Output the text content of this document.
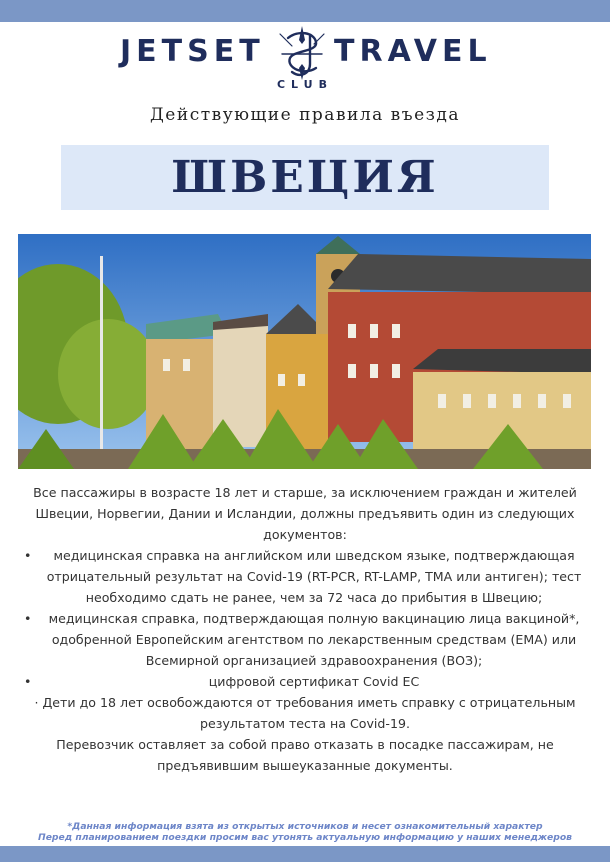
JETSET TRAVEL
CLUB
Действующие правила въезда
ШВЕЦИЯ

Все пассажиры в возрасте 18 лет и старше, за исключением граждан и жителей Швеции, Норвегии, Дании и Исландии, должны предъявить один из следующих документов:

• медицинская справка на английском или шведском языке, подтверждающая отрицательный результат на Covid-19 (RT-PCR, RT-LAMP, TMA или антиген); тест необходимо сдать не ранее, чем за 72 часа до прибытия в Швецию;
• медицинская справка, подтверждающая полную вакцинацию лица вакциной*, одобренной Европейским агентством по лекарственным средствам (EMA) или Всемирной организацией здравоохранения (ВОЗ);
• цифровой сертификат Covid ЕС

· Дети до 18 лет освобождаются от требования иметь справку с отрицательным результатом теста на Covid-19.

Перевозчик оставляет за собой право отказать в посадке пассажирам, не предъявившим вышеуказанные документы.

*Данная информация взята из открытых источников и несет ознакомительный характер
Перед планированием поездки просим вас утонять актуальную информацию у наших менеджеров
